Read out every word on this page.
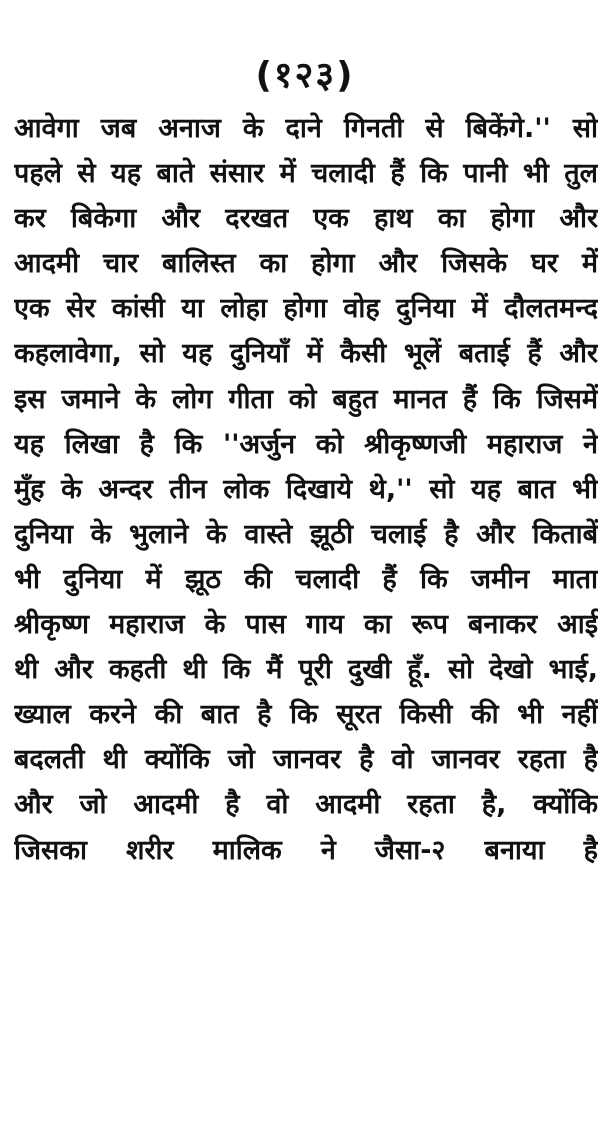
(१२३)
आवेगा जब अनाज के दाने गिनती से बिकेंगे.'' सो
पहले से यह बाते संसार में चलादी हैं कि पानी भी तुल
कर बिकेगा और दरखत एक हाथ का होगा और
आदमी चार बालिस्त का होगा और जिसके घर में
एक सेर कांसी या लोहा होगा वोह दुनिया में दौलतमन्द
कहलावेगा, सो यह दुनियाँ में कैसी भूलें बताई हैं और
इस जमाने के लोग गीता को बहुत मानत हैं कि जिसमें
यह लिखा है कि ''अर्जुन को श्रीकृष्णजी महाराज ने
मुँह के अन्दर तीन लोक दिखाये थे,'' सो यह बात भी
दुनिया के भुलाने के वास्ते झूठी चलाई है और किताबें
भी दुनिया में झूठ की चलादी हैं कि जमीन माता
श्रीकृष्ण महाराज के पास गाय का रूप बनाकर आई
थी और कहती थी कि मैं पूरी दुखी हूँ. सो देखो भाई,
ख्याल करने की बात है कि सूरत किसी की भी नहीं
बदलती थी क्योंकि जो जानवर है वो जानवर रहता है
और जो आदमी है वो आदमी रहता है, क्योंकि
जिसका शरीर मालिक ने जैसा-२ बनाया है
